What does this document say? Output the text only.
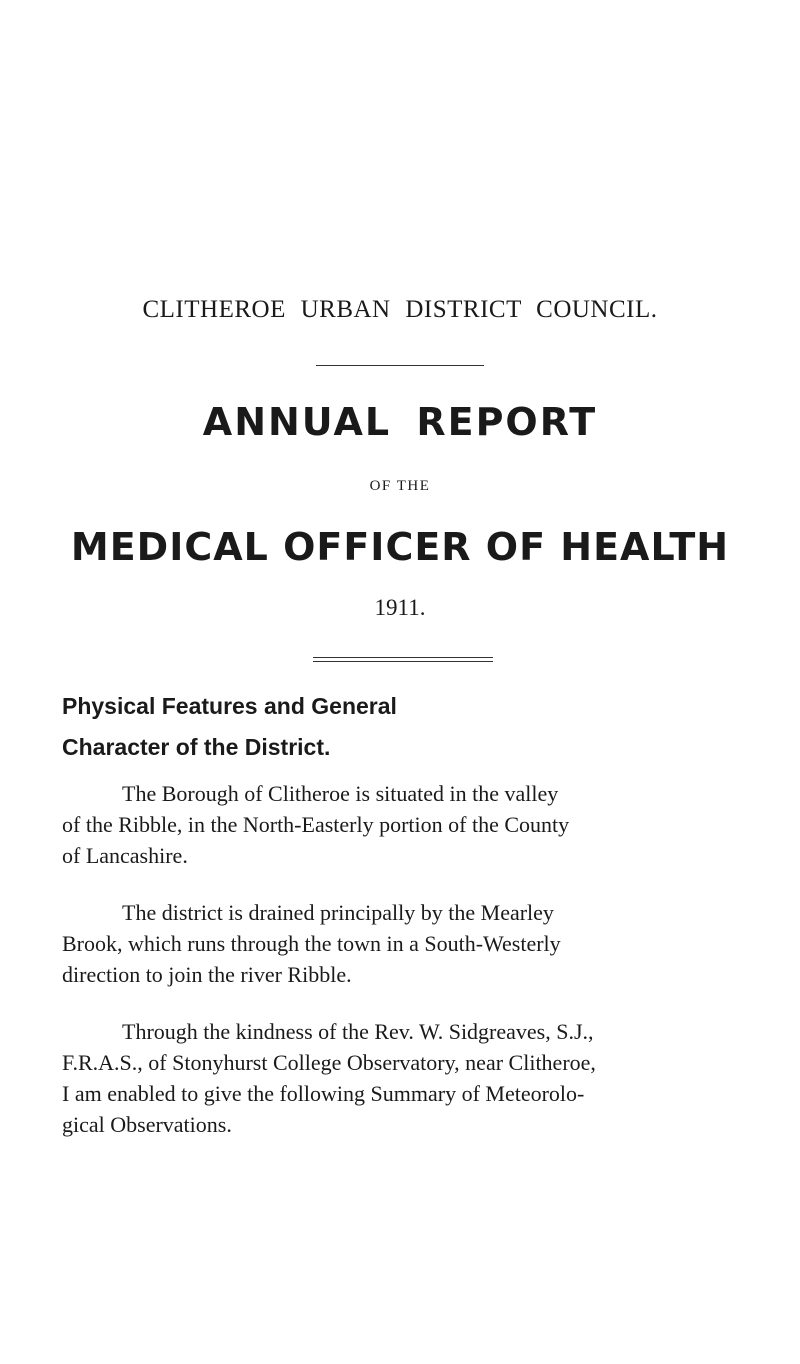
CLITHEROE URBAN DISTRICT COUNCIL.
ANNUAL REPORT
OF THE
MEDICAL OFFICER OF HEALTH
1911.
Physical Features and General
Character of the District.
The Borough of Clitheroe is situated in the valley
of the Ribble, in the North-Easterly portion of the County
of Lancashire.
The district is drained principally by the Mearley
Brook, which runs through the town in a South-Westerly
direction to join the river Ribble.
Through the kindness of the Rev. W. Sidgreaves, S.J.,
F.R.A.S., of Stonyhurst College Observatory, near Clitheroe,
I am enabled to give the following Summary of Meteorolo-
gical Observations.
